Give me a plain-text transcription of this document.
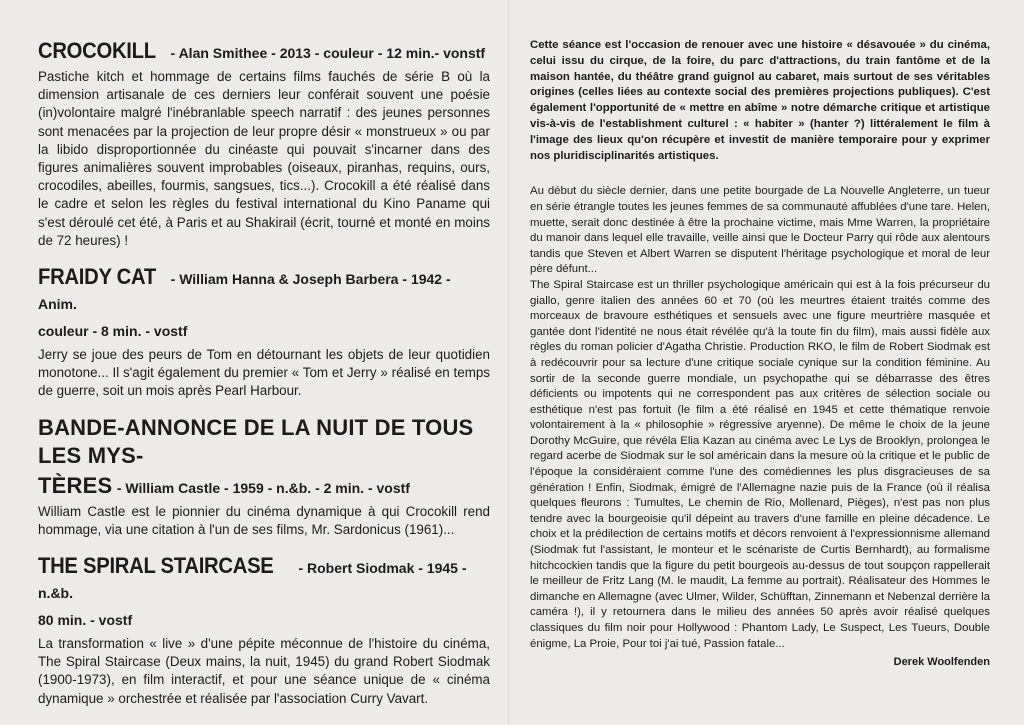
CROCOKILL - Alan Smithee - 2013 - couleur - 12 min.- vonstf

Pastiche kitch et hommage de certains films fauchés de série B où la dimension artisanale de ces derniers leur conférait souvent une poésie (in)volontaire malgré l'inébranlable speech narratif : des jeunes personnes sont menacées par la projection de leur propre désir « monstrueux » ou par la libido disproportionnée du cinéaste qui pouvait s'incarner dans des figures animalières souvent improbables (oiseaux, piranhas, requins, ours, crocodiles, abeilles, fourmis, sangsues, tics...). Crocokill a été réalisé dans le cadre et selon les règles du festival international du Kino Paname qui s'est déroulé cet été, à Paris et au Shakirail (écrit, tourné et monté en moins de 72 heures) !

FRAIDY CAT - William Hanna & Joseph Barbera - 1942 - Anim.
couleur - 8 min. - vostf

Jerry se joue des peurs de Tom en détournant les objets de leur quotidien monotone... Il s'agit également du premier « Tom et Jerry » réalisé en temps de guerre, soit un mois après Pearl Harbour.

BANDE-ANNONCE DE LA NUIT DE TOUS LES MYS-
TÈRES - William Castle - 1959 - n.&b. - 2 min. - vostf

William Castle est le pionnier du cinéma dynamique à qui Crocokill rend hommage, via une citation à l'un de ses films, Mr. Sardonicus (1961)...

THE SPIRAL STAIRCASE - Robert Siodmak - 1945 - n.&b.
80 min. - vostf

La transformation « live » d'une pépite méconnue de l'histoire du cinéma, The Spiral Staircase (Deux mains, la nuit, 1945) du grand Robert Siodmak (1900-1973), en film interactif, et pour une séance unique de « cinéma dynamique » orchestrée et réalisée par l'association Curry Vavart.

Cette séance est l'occasion de renouer avec une histoire « désavouée » du cinéma, celui issu du cirque, de la foire, du parc d'attractions, du train fantôme et de la maison hantée, du théâtre grand guignol au cabaret, mais surtout de ses véritables origines (celles liées au contexte social des premières projections publiques). C'est également l'opportunité de « mettre en abîme » notre démarche critique et artistique vis-à-vis de l'establishment culturel : « habiter » (hanter ?) littéralement le film à l'image des lieux qu'on récupère et investit de manière temporaire pour y exprimer nos pluridisciplinarités artistiques.

Au début du siècle dernier, dans une petite bourgade de La Nouvelle Angleterre, un tueur en série étrangle toutes les jeunes femmes de sa communauté affublées d'une tare. Helen, muette, serait donc destinée à être la prochaine victime, mais Mme Warren, la propriétaire du manoir dans lequel elle travaille, veille ainsi que le Docteur Parry qui rôde aux alentours tandis que Steven et Albert Warren se disputent l'héritage psychologique et moral de leur père défunt...

The Spiral Staircase est un thriller psychologique américain qui est à la fois précurseur du giallo, genre italien des années 60 et 70 (où les meurtres étaient traités comme des morceaux de bravoure esthétiques et sensuels avec une figure meurtrière masquée et gantée dont l'identité ne nous était révélée qu'à la toute fin du film), mais aussi fidèle aux règles du roman policier d'Agatha Christie. Production RKO, le film de Robert Siodmak est à redécouvrir pour sa lecture d'une critique sociale cynique sur la condition féminine. Au sortir de la seconde guerre mondiale, un psychopathe qui se débarrasse des êtres déficients ou impotents qui ne correspondent pas aux critères de sélection sociale ou esthétique n'est pas fortuit (le film a été réalisé en 1945 et cette thématique renvoie volontairement à la « philosophie » régressive aryenne). De même le choix de la jeune Dorothy McGuire, que révéla Elia Kazan au cinéma avec Le Lys de Brooklyn, prolongea le regard acerbe de Siodmak sur le sol américain dans la mesure où la critique et le public de l'époque la considéraient comme l'une des comédiennes les plus disgracieuses de sa génération ! Enfin, Siodmak, émigré de l'Allemagne nazie puis de la France (où il réalisa quelques fleurons : Tumultes, Le chemin de Rio, Mollenard, Pièges), n'est pas non plus tendre avec la bourgeoisie qu'il dépeint au travers d'une famille en pleine décadence. Le choix et la prédilection de certains motifs et décors renvoient à l'expressionnisme allemand (Siodmak fut l'assistant, le monteur et le scénariste de Curtis Bernhardt), au formalisme hitchcockien tandis que la figure du petit bourgeois au-dessus de tout soupçon rappellerait le meilleur de Fritz Lang (M. le maudit, La femme au portrait). Réalisateur des Hommes le dimanche en Allemagne (avec Ulmer, Wilder, Schüfftan, Zinnemann et Nebenzal derrière la caméra !), il y retournera dans le milieu des années 50 après avoir réalisé quelques classiques du film noir pour Hollywood : Phantom Lady, Le Suspect, Les Tueurs, Double énigme, La Proie, Pour toi j'ai tué, Passion fatale...

Derek Woolfenden
